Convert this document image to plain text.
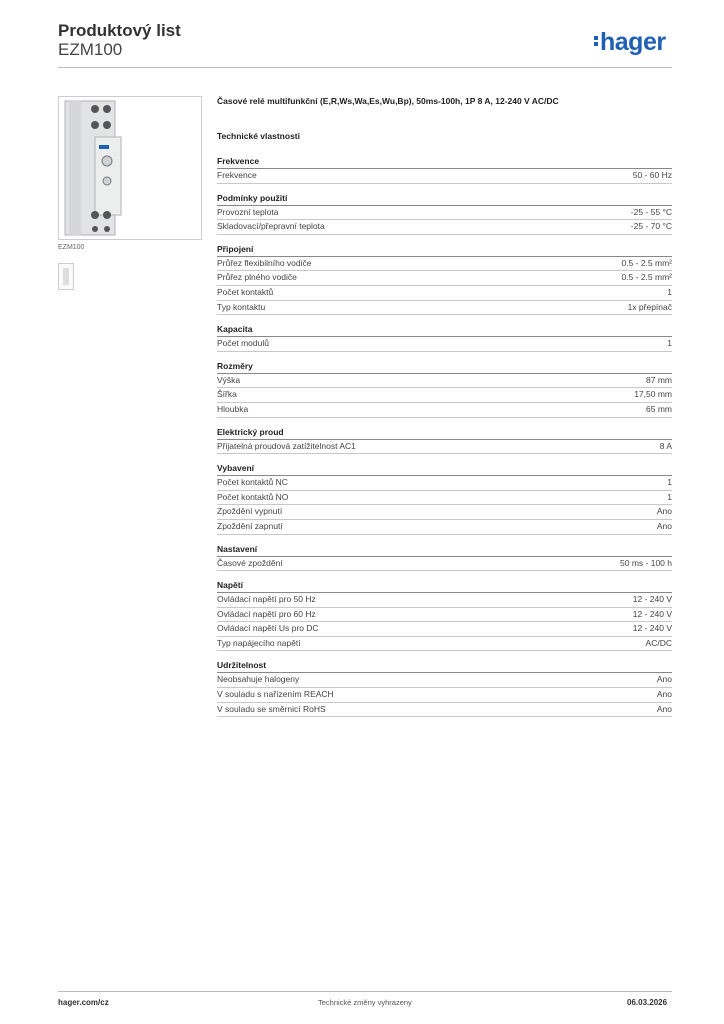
Produktový list
EZM100	hager
EZM100
Časové relé multifunkční (E,R,Ws,Wa,Es,Wu,Bp), 50ms-100h, 1P 8 A, 12-240 V AC/DC
Technické vlastnosti
Frekvence
Frekvence	50 - 60 Hz
Podmínky použití
Provozní teplota	-25 - 55 °C
Skladovací/přepravní teplota	-25 - 70 °C
Připojení
Průřez flexibilního vodiče	0.5 - 2.5 mm²
Průřez plného vodiče	0.5 - 2.5 mm²
Počet kontaktů	1
Typ kontaktu	1x přepínač
Kapacita
Počet modulů	1
Rozměry
Výška	87 mm
Šířka	17,50 mm
Hloubka	65 mm
Elektrický proud
Přijatelná proudová zatížitelnost AC1	8 A
Vybavení
Počet kontaktů NC	1
Počet kontaktů NO	1
Zpoždění vypnutí	Ano
Zpoždění zapnutí	Ano
Nastavení
Časové zpoždění	50 ms - 100 h
Napětí
Ovládací napětí pro 50 Hz	12 - 240 V
Ovládací napětí pro 60 Hz	12 - 240 V
Ovládací napětí Us pro DC	12 - 240 V
Typ napájecího napětí	AC/DC
Udržitelnost
Neobsahuje halogeny	Ano
V souladu s nařízením REACH	Ano
V souladu se směrnicí RoHS	Ano
hager.com/cz	Technické změny vyhrazeny	06.03.2026
